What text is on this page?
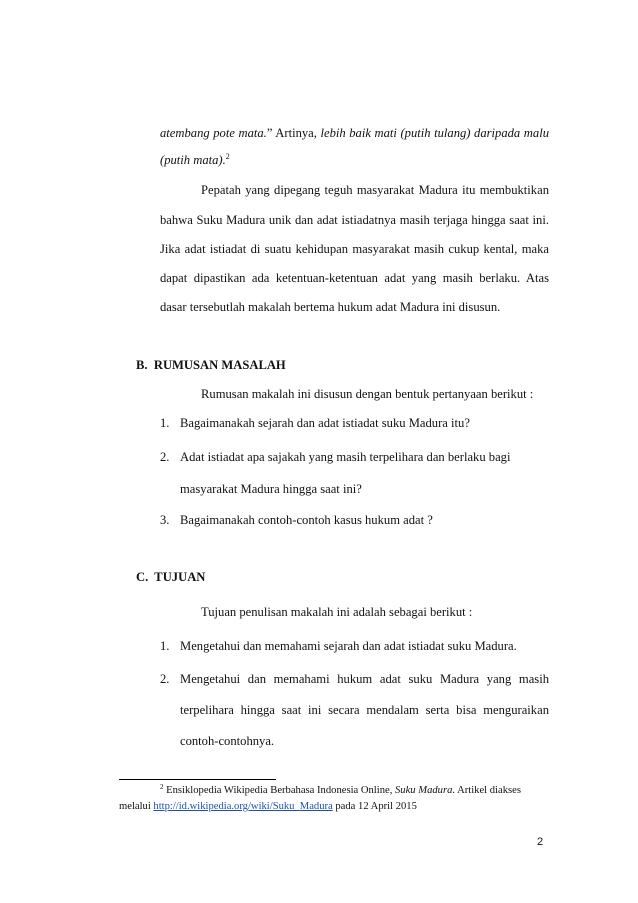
atembang pote mata.” Artinya, lebih baik mati (putih tulang) daripada malu
(putih mata).$^2$
Pepatah yang dipegang teguh masyarakat Madura itu membuktikan
bahwa Suku Madura unik dan adat istiadatnya masih terjaga hingga saat ini.
Jika adat istiadat di suatu kehidupan masyarakat masih cukup kental, maka
dapat dipastikan ada ketentuan-ketentuan adat yang masih berlaku. Atas
dasar tersebutlah makalah bertema hukum adat Madura ini disusun.
B.  RUMUSAN MASALAH
Rumusan makalah ini disusun dengan bentuk pertanyaan berikut :
1. Bagaimanakah sejarah dan adat istiadat suku Madura itu?
2. Adat istiadat apa sajakah yang masih terpelihara dan berlaku bagi
masyarakat Madura hingga saat ini?
3. Bagaimanakah contoh-contoh kasus hukum adat ?
C.  TUJUAN
Tujuan penulisan makalah ini adalah sebagai berikut :
1. Mengetahui dan memahami sejarah dan adat istiadat suku Madura.
2. Mengetahui dan memahami hukum adat suku Madura yang masih
terpelihara hingga saat ini secara mendalam serta bisa menguraikan
contoh-contohnya.
$^2$ Ensiklopedia Wikipedia Berbahasa Indonesia Online, Suku Madura. Artikel diakses
melalui http://id.wikipedia.org/wiki/Suku_Madura pada 12 April 2015
2
